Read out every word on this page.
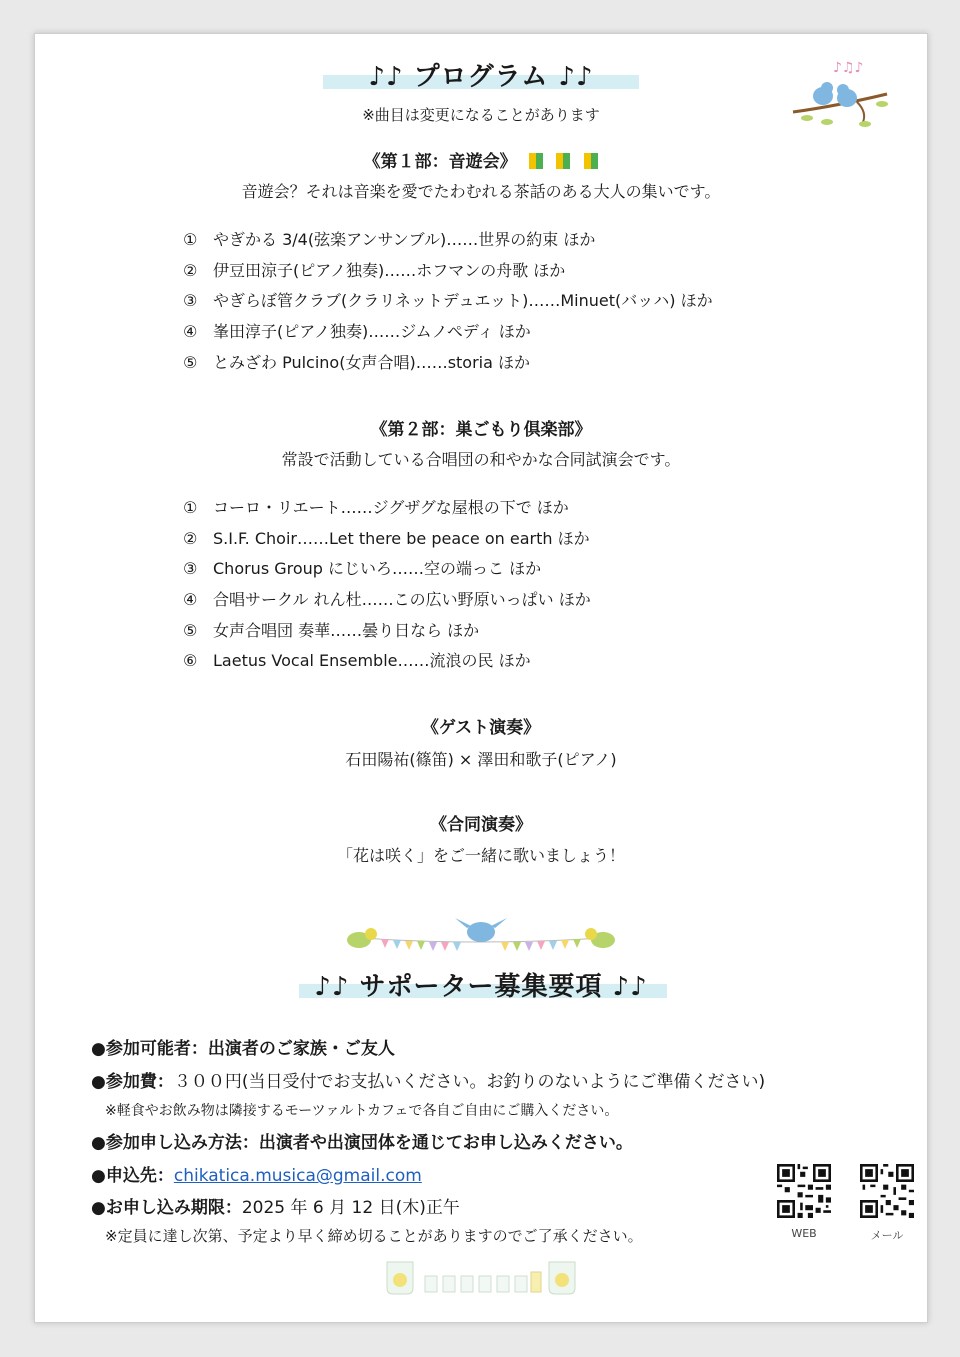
♪♪ プログラム ♪♪
※曲目は変更になることがあります
♪♫♪
《第１部：音遊会》
音遊会？それは音楽を愛でたわむれる茶話のある大人の集いです。
① やぎかる 3/4(弦楽アンサンブル)……世界の約束 ほか
② 伊豆田涼子(ピアノ独奏)……ホフマンの舟歌 ほか
③ やぎらぼ管クラブ(クラリネットデュエット)……Minuet(バッハ) ほか
④ 峯田淳子(ピアノ独奏)……ジムノペディ ほか
⑤ とみざわ Pulcino(女声合唱)……storia ほか
《第２部：巣ごもり倶楽部》
常設で活動している合唱団の和やかな合同試演会です。
① コーロ・リエート……ジグザグな屋根の下で ほか
② S.I.F. Choir……Let there be peace on earth ほか
③ Chorus Group にじいろ……空の端っこ ほか
④ 合唱サークル れん杜……この広い野原いっぱい ほか
⑤ 女声合唱団 奏華……曇り日なら ほか
⑥ Laetus Vocal Ensemble……流浪の民 ほか
《ゲスト演奏》
石田陽祐(篠笛) × 澤田和歌子(ピアノ)
《合同演奏》
「花は咲く」をご一緒に歌いましょう！
♪♪ サポーター募集要項 ♪♪
●参加可能者：出演者のご家族・ご友人
●参加費：３００円(当日受付でお支払いください。お釣りのないようにご準備ください)
※軽食やお飲み物は隣接するモーツァルトカフェで各自ご自由にご購入ください。
●参加申し込み方法：出演者や出演団体を通じてお申し込みください。
●申込先：chikatica.musica@gmail.com
●お申し込み期限：2025 年 6 月 12 日(木)正午
※定員に達し次第、予定より早く締め切ることがありますのでご了承ください。	WEB	メール
